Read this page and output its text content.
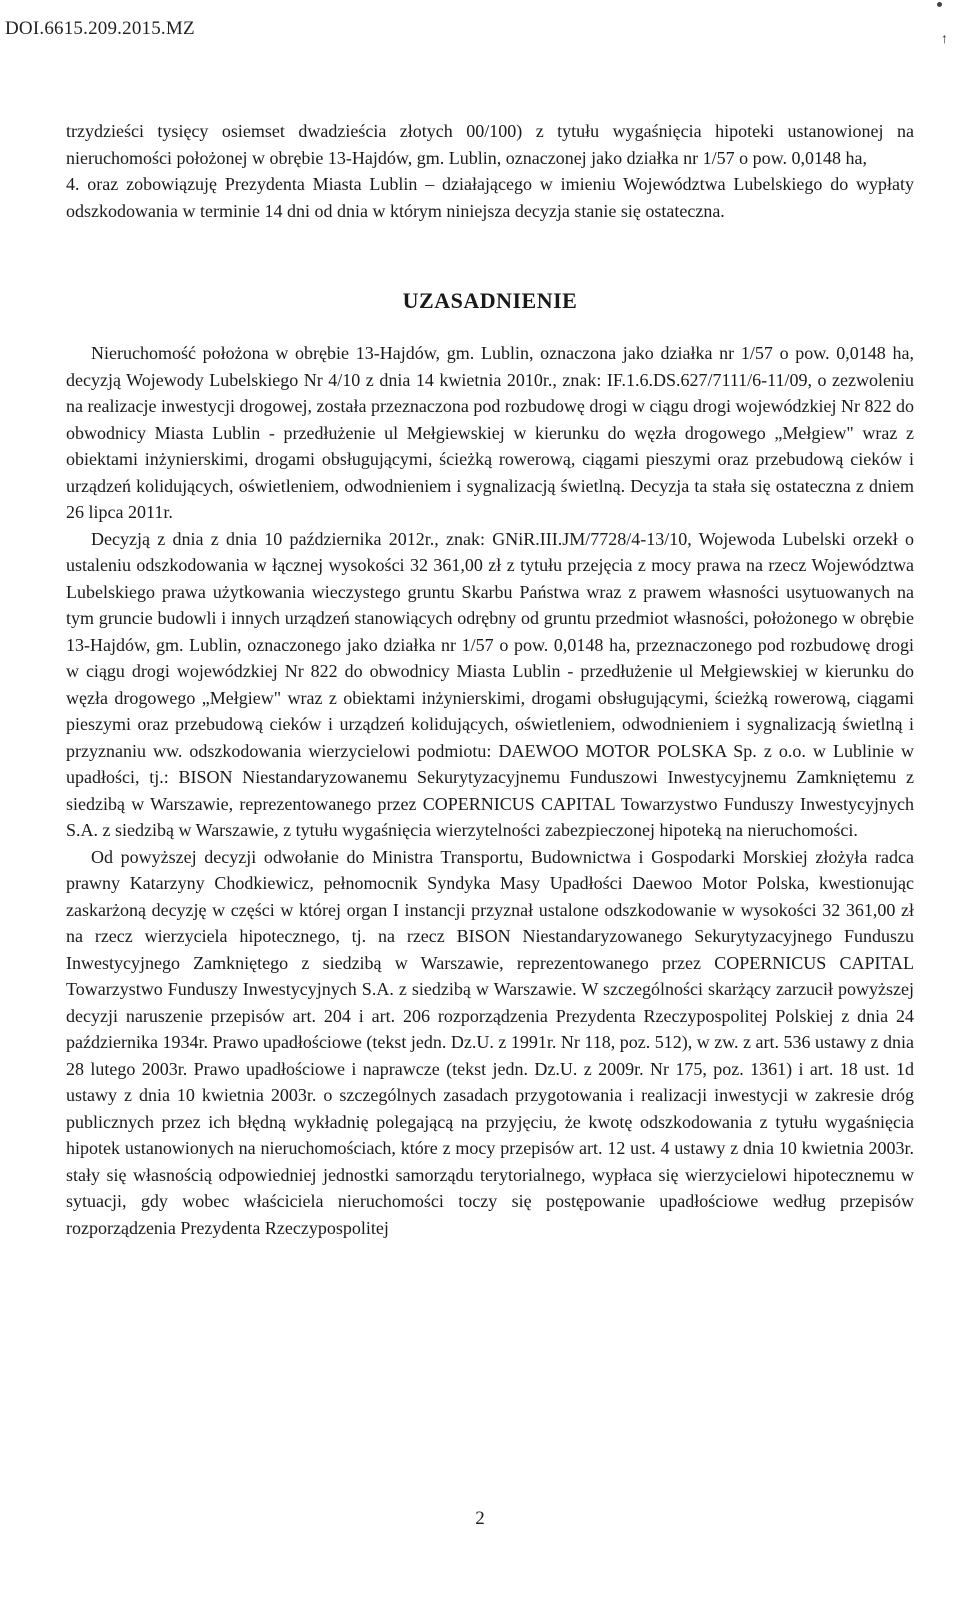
DOI.6615.209.2015.MZ
↑

trzydzieści tysięcy osiemset dwadzieścia złotych 00/100) z tytułu wygaśnięcia hipoteki ustanowionej na nieruchomości położonej w obrębie 13-Hajdów, gm. Lublin, oznaczonej jako działka nr 1/57 o pow. 0,0148 ha,

4. oraz zobowiązuję Prezydenta Miasta Lublin – działającego w imieniu Województwa Lubelskiego do wypłaty odszkodowania w terminie 14 dni od dnia w którym niniejsza decyzja stanie się ostateczna.

UZASADNIENIE

Nieruchomość położona w obrębie 13-Hajdów, gm. Lublin, oznaczona jako działka nr 1/57 o pow. 0,0148 ha, decyzją Wojewody Lubelskiego Nr 4/10 z dnia 14 kwietnia 2010r., znak: IF.1.6.DS.627/7111/6-11/09, o zezwoleniu na realizacje inwestycji drogowej, została przeznaczona pod rozbudowę drogi w ciągu drogi wojewódzkiej Nr 822 do obwodnicy Miasta Lublin - przedłużenie ul Mełgiewskiej w kierunku do węzła drogowego „Mełgiew" wraz z obiektami inżynierskimi, drogami obsługującymi, ścieżką rowerową, ciągami pieszymi oraz przebudową cieków i urządzeń kolidujących, oświetleniem, odwodnieniem i sygnalizacją świetlną. Decyzja ta stała się ostateczna z dniem 26 lipca 2011r.

Decyzją z dnia z dnia 10 października 2012r., znak: GNiR.III.JM/7728/4-13/10, Wojewoda Lubelski orzekł o ustaleniu odszkodowania w łącznej wysokości 32 361,00 zł z tytułu przejęcia z mocy prawa na rzecz Województwa Lubelskiego prawa użytkowania wieczystego gruntu Skarbu Państwa wraz z prawem własności usytuowanych na tym gruncie budowli i innych urządzeń stanowiących odrębny od gruntu przedmiot własności, położonego w obrębie 13-Hajdów, gm. Lublin, oznaczonego jako działka nr 1/57 o pow. 0,0148 ha, przeznaczonego pod rozbudowę drogi w ciągu drogi wojewódzkiej Nr 822 do obwodnicy Miasta Lublin - przedłużenie ul Mełgiewskiej w kierunku do węzła drogowego „Mełgiew" wraz z obiektami inżynierskimi, drogami obsługującymi, ścieżką rowerową, ciągami pieszymi oraz przebudową cieków i urządzeń kolidujących, oświetleniem, odwodnieniem i sygnalizacją świetlną i przyznaniu ww. odszkodowania wierzycielowi podmiotu: DAEWOO MOTOR POLSKA Sp. z o.o. w Lublinie w upadłości, tj.: BISON Niestandaryzowanemu Sekurytyzacyjnemu Funduszowi Inwestycyjnemu Zamkniętemu z siedzibą w Warszawie, reprezentowanego przez COPERNICUS CAPITAL Towarzystwo Funduszy Inwestycyjnych S.A. z siedzibą w Warszawie, z tytułu wygaśnięcia wierzytelności zabezpieczonej hipoteką na nieruchomości.

Od powyższej decyzji odwołanie do Ministra Transportu, Budownictwa i Gospodarki Morskiej złożyła radca prawny Katarzyny Chodkiewicz, pełnomocnik Syndyka Masy Upadłości Daewoo Motor Polska, kwestionując zaskarżoną decyzję w części w której organ I instancji przyznał ustalone odszkodowanie w wysokości 32 361,00 zł na rzecz wierzyciela hipotecznego, tj. na rzecz BISON Niestandaryzowanego Sekurytyzacyjnego Funduszu Inwestycyjnego Zamkniętego z siedzibą w Warszawie, reprezentowanego przez COPERNICUS CAPITAL Towarzystwo Funduszy Inwestycyjnych S.A. z siedzibą w Warszawie. W szczególności skarżący zarzucił powyższej decyzji naruszenie przepisów art. 204 i art. 206 rozporządzenia Prezydenta Rzeczypospolitej Polskiej z dnia 24 października 1934r. Prawo upadłościowe (tekst jedn. Dz.U. z 1991r. Nr 118, poz. 512), w zw. z art. 536 ustawy z dnia 28 lutego 2003r. Prawo upadłościowe i naprawcze (tekst jedn. Dz.U. z 2009r. Nr 175, poz. 1361) i art. 18 ust. 1d ustawy z dnia 10 kwietnia 2003r. o szczególnych zasadach przygotowania i realizacji inwestycji w zakresie dróg publicznych przez ich błędną wykładnię polegającą na przyjęciu, że kwotę odszkodowania z tytułu wygaśnięcia hipotek ustanowionych na nieruchomościach, które z mocy przepisów art. 12 ust. 4 ustawy z dnia 10 kwietnia 2003r. stały się własnością odpowiedniej jednostki samorządu terytorialnego, wypłaca się wierzycielowi hipotecznemu w sytuacji, gdy wobec właściciela nieruchomości toczy się postępowanie upadłościowe według przepisów rozporządzenia Prezydenta Rzeczypospolitej

2
